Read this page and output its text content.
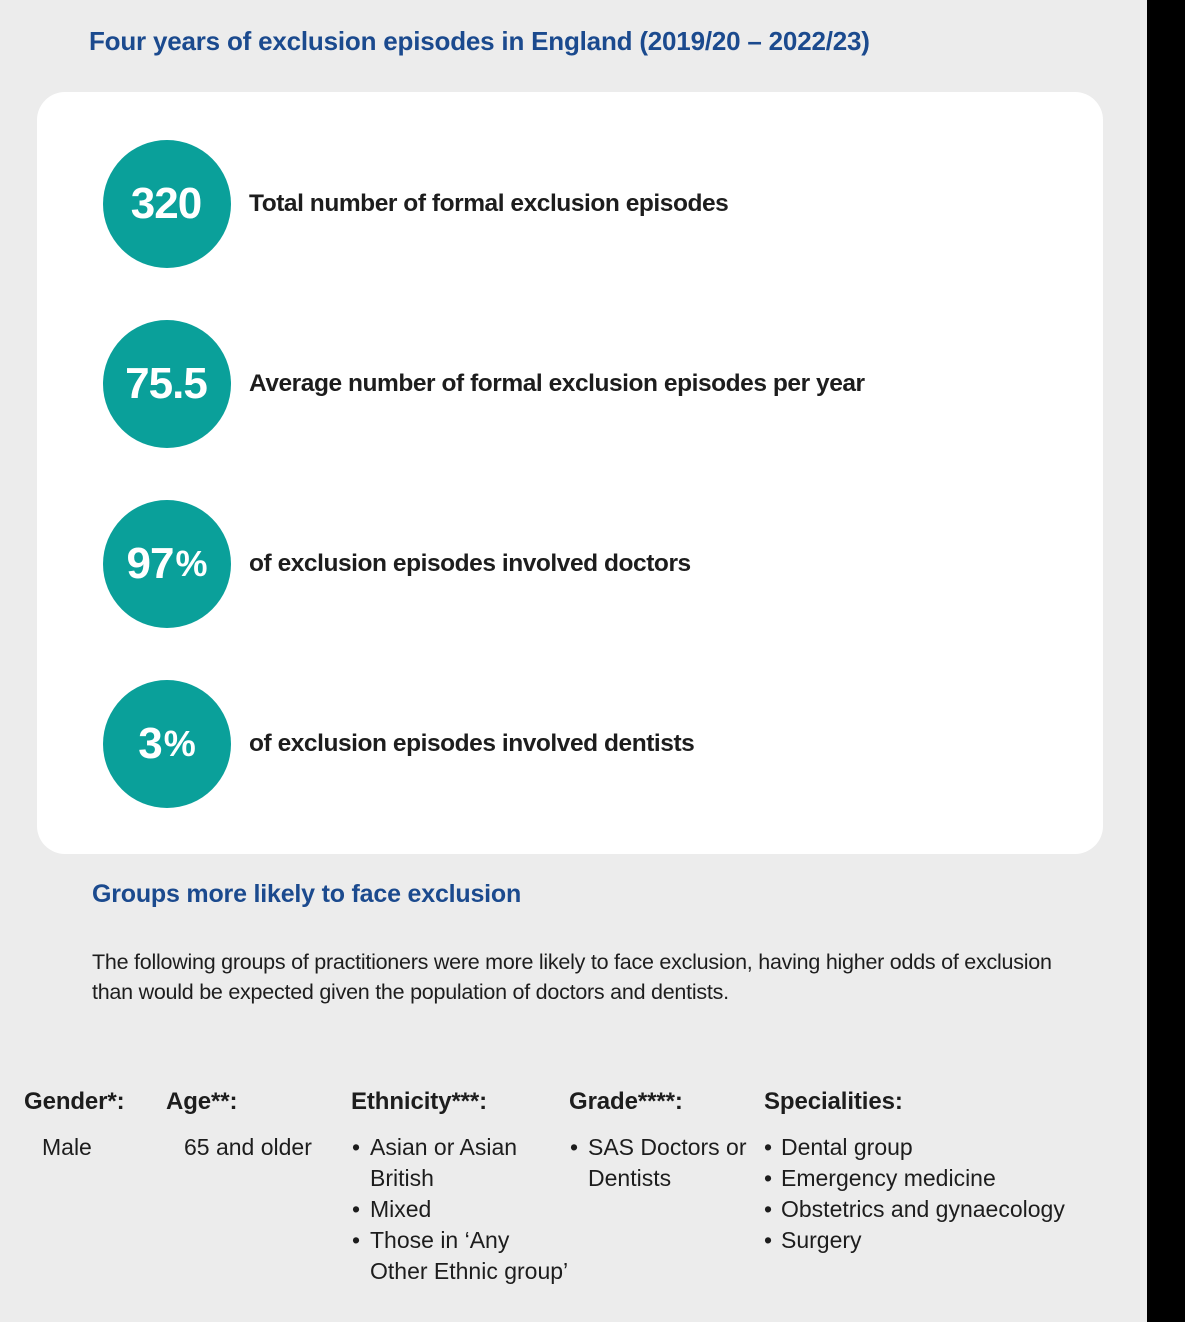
Four years of exclusion episodes in England (2019/20 – 2022/23)
320 Total number of formal exclusion episodes
75.5 Average number of formal exclusion episodes per year
97 % of exclusion episodes involved doctors
3 % of exclusion episodes involved dentists
Groups more likely to face exclusion
The following groups of practitioners were more likely to face exclusion, having higher odds of exclusion than would be expected given the population of doctors and dentists.
Gender*:
Male
Age**:
65 and older
Ethnicity***:
• Asian or Asian British
• Mixed
• Those in ‘Any Other Ethnic group’
Grade****:
• SAS Doctors or Dentists
Specialities:
• Dental group
• Emergency medicine
• Obstetrics and gynaecology
• Surgery
